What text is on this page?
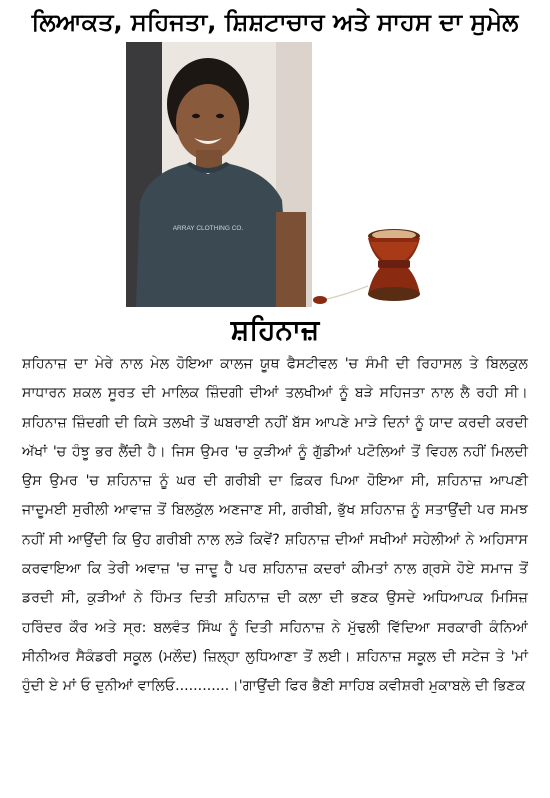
ਲਿਆਕਤ, ਸਹਿਜਤਾ, ਸ਼ਿਸ਼ਟਾਚਾਰ ਅਤੇ ਸਾਹਸ ਦਾ ਸੁਮੇਲ
ARRAY CLOTHING CO.
ਸ਼ਹਿਨਾਜ਼

ਸ਼ਹਿਨਾਜ਼ ਦਾ ਮੇਰੇ ਨਾਲ ਮੇਲ ਹੋਇਆ ਕਾਲਜ ਯੂਥ ਫੈਸਟੀਵਲ 'ਚ ਸੰਮੀ ਦੀ ਰਿਹਾਸਲ ਤੇ ਬਿਲਕੁਲ ਸਾਧਾਰਨ ਸ਼ਕਲ ਸੂਰਤ ਦੀ ਮਾਲਿਕ ਜ਼ਿੰਦਗੀ ਦੀਆਂ ਤਲਖੀਆਂ ਨੂੰ ਬੜੇ ਸਹਿਜਤਾ ਨਾਲ ਲੈ ਰਹੀ ਸੀ। ਸ਼ਹਿਨਾਜ਼ ਜ਼ਿੰਦਗੀ ਦੀ ਕਿਸੇ ਤਲਖੀ ਤੋਂ ਘਬਰਾਈ ਨਹੀਂ ਬੱਸ ਆਪਣੇ ਮਾੜੇ ਦਿਨਾਂ ਨੂੰ ਯਾਦ ਕਰਦੀ ਕਰਦੀ ਅੱਖਾਂ 'ਚ ਹੰਝੂ ਭਰ ਲੈਂਦੀ ਹੈ। ਜਿਸ ਉਮਰ 'ਚ ਕੁੜੀਆਂ ਨੂੰ ਗੁੱਡੀਆਂ ਪਟੋਲਿਆਂ ਤੋਂ ਵਿਹਲ ਨਹੀਂ ਮਿਲਦੀ ਉਸ ਉਮਰ 'ਚ ਸ਼ਹਿਨਾਜ਼ ਨੂੰ ਘਰ ਦੀ ਗਰੀਬੀ ਦਾ ਫ਼ਿਕਰ ਪਿਆ ਹੋਇਆ ਸੀ, ਸ਼ਹਿਨਾਜ਼ ਆਪਣੀ ਜਾਦੂਮਈ ਸੁਰੀਲੀ ਆਵਾਜ਼ ਤੋਂ ਬਿਲਕੁੱਲ ਅਣਜਾਣ ਸੀ, ਗਰੀਬੀ, ਭੁੱਖ ਸ਼ਹਿਨਾਜ਼ ਨੂੰ ਸਤਾਉਂਦੀ ਪਰ ਸਮਝ ਨਹੀਂ ਸੀ ਆਉਂਦੀ ਕਿ ਉਹ ਗਰੀਬੀ ਨਾਲ ਲੜੇ ਕਿਵੇਂ? ਸ਼ਹਿਨਾਜ਼ ਦੀਆਂ ਸਖੀਆਂ ਸਹੇਲੀਆਂ ਨੇ ਅਹਿਸਾਸ ਕਰਵਾਇਆ ਕਿ ਤੇਰੀ ਅਵਾਜ਼ 'ਚ ਜਾਦੂ ਹੈ ਪਰ ਸ਼ਹਿਨਾਜ਼ ਕਦਰਾਂ ਕੀਮਤਾਂ ਨਾਲ ਗ੍ਰਸੇ ਹੋਏ ਸਮਾਜ ਤੋਂ ਡਰਦੀ ਸੀ, ਕੁੜੀਆਂ ਨੇ ਹਿੰਮਤ ਦਿਤੀ ਸ਼ਹਿਨਾਜ਼ ਦੀ ਕਲਾ ਦੀ ਭਣਕ ਉਸਦੇ ਅਧਿਆਪਕ ਮਿਸਿਜ਼ ਹਰਿੰਦਰ ਕੌਰ ਅਤੇ ਸ੍ਰ: ਬਲਵੰਤ ਸਿੰਘ ਨੂੰ ਦਿਤੀ ਸਹਿਨਾਜ਼ ਨੇ ਮੁੱਢਲੀ ਵਿੱਦਿਆ ਸਰਕਾਰੀ ਕੰਨਿਆਂ ਸੀਨੀਅਰ ਸੈਕੰਡਰੀ ਸਕੂਲ (ਮਲੌਦ) ਜ਼ਿਲ੍ਹਾ ਲੁਧਿਆਣਾ ਤੋਂ ਲਈ। ਸ਼ਹਿਨਾਜ਼ ਸਕੂਲ ਦੀ ਸਟੇਜ ਤੇ 'ਮਾਂ ਹੁੰਦੀ ਏ ਮਾਂ ਓ ਦੁਨੀਆਂ ਵਾਲਿਓ............।'ਗਾਉਂਦੀ ਫਿਰ ਭੈਣੀ ਸਾਹਿਬ ਕਵੀਸ਼ਰੀ ਮੁਕਾਬਲੇ ਦੀ ਭਿਣਕ
